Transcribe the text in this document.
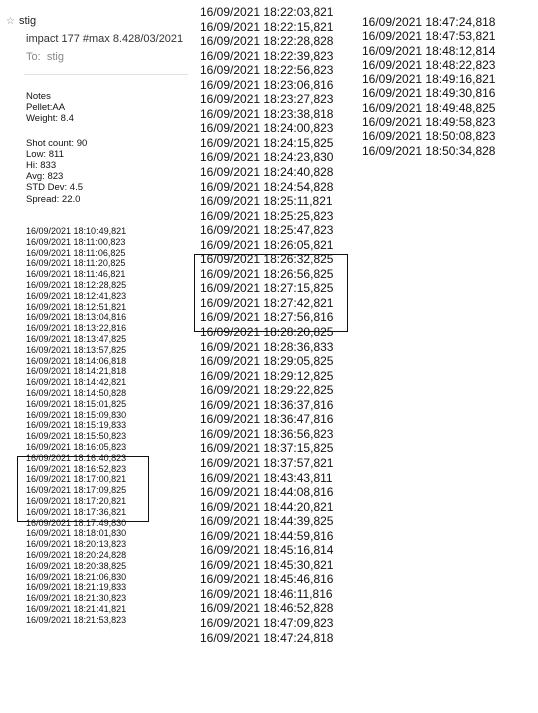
☆ stig
impact 177 #max 8.428/03/2021
To: stig
Notes
Pellet:AA
Weight: 8.4
Shot count: 90
Low: 811
Hi: 833
Avg: 823
STD Dev: 4.5
Spread: 22.0
16/09/2021 18:10:49,821
16/09/2021 18:11:00,823
16/09/2021 18:11:06,825
16/09/2021 18:11:20,825
16/09/2021 18:11:46,821
16/09/2021 18:12:28,825
16/09/2021 18:12:41,823
16/09/2021 18:12:51,821
16/09/2021 18:13:04,816
16/09/2021 18:13:22,816
16/09/2021 18:13:47,825
16/09/2021 18:13:57,825
16/09/2021 18:14:06,818
16/09/2021 18:14:21,818
16/09/2021 18:14:42,821
16/09/2021 18:14:50,828
16/09/2021 18:15:01,825
16/09/2021 18:15:09,830
16/09/2021 18:15:19,833
16/09/2021 18:15:50,823
16/09/2021 18:16:05,823
16/09/2021 18:16:40,823
16/09/2021 18:16:52,823
16/09/2021 18:17:00,821
16/09/2021 18:17:09,825
16/09/2021 18:17:20,821
16/09/2021 18:17:36,821
16/09/2021 18:17:49,830
16/09/2021 18:18:01,830
16/09/2021 18:20:13,823
16/09/2021 18:20:24,828
16/09/2021 18:20:38,825
16/09/2021 18:21:06,830
16/09/2021 18:21:19,833
16/09/2021 18:21:30,823
16/09/2021 18:21:41,821
16/09/2021 18:21:53,823
16/09/2021 18:22:03,821
16/09/2021 18:22:15,821
16/09/2021 18:22:28,828
16/09/2021 18:22:39,823
16/09/2021 18:22:56,823
16/09/2021 18:23:06,816
16/09/2021 18:23:27,823
16/09/2021 18:23:38,818
16/09/2021 18:24:00,823
16/09/2021 18:24:15,825
16/09/2021 18:24:23,830
16/09/2021 18:24:40,828
16/09/2021 18:24:54,828
16/09/2021 18:25:11,821
16/09/2021 18:25:25,823
16/09/2021 18:25:47,823
16/09/2021 18:26:05,821
16/09/2021 18:26:32,825
16/09/2021 18:26:56,825
16/09/2021 18:27:15,825
16/09/2021 18:27:42,821
16/09/2021 18:27:56,816
16/09/2021 18:28:20,825
16/09/2021 18:28:36,833
16/09/2021 18:29:05,825
16/09/2021 18:29:12,825
16/09/2021 18:29:22,825
16/09/2021 18:36:37,816
16/09/2021 18:36:47,816
16/09/2021 18:36:56,823
16/09/2021 18:37:15,825
16/09/2021 18:37:57,821
16/09/2021 18:43:43,811
16/09/2021 18:44:08,816
16/09/2021 18:44:20,821
16/09/2021 18:44:39,825
16/09/2021 18:44:59,816
16/09/2021 18:45:16,814
16/09/2021 18:45:30,821
16/09/2021 18:45:46,816
16/09/2021 18:46:11,816
16/09/2021 18:46:52,828
16/09/2021 18:47:09,823
16/09/2021 18:47:24,818
16/09/2021 18:47:24,818
16/09/2021 18:47:53,821
16/09/2021 18:48:12,814
16/09/2021 18:48:22,823
16/09/2021 18:49:16,821
16/09/2021 18:49:30,816
16/09/2021 18:49:48,825
16/09/2021 18:49:58,823
16/09/2021 18:50:08,823
16/09/2021 18:50:34,828
